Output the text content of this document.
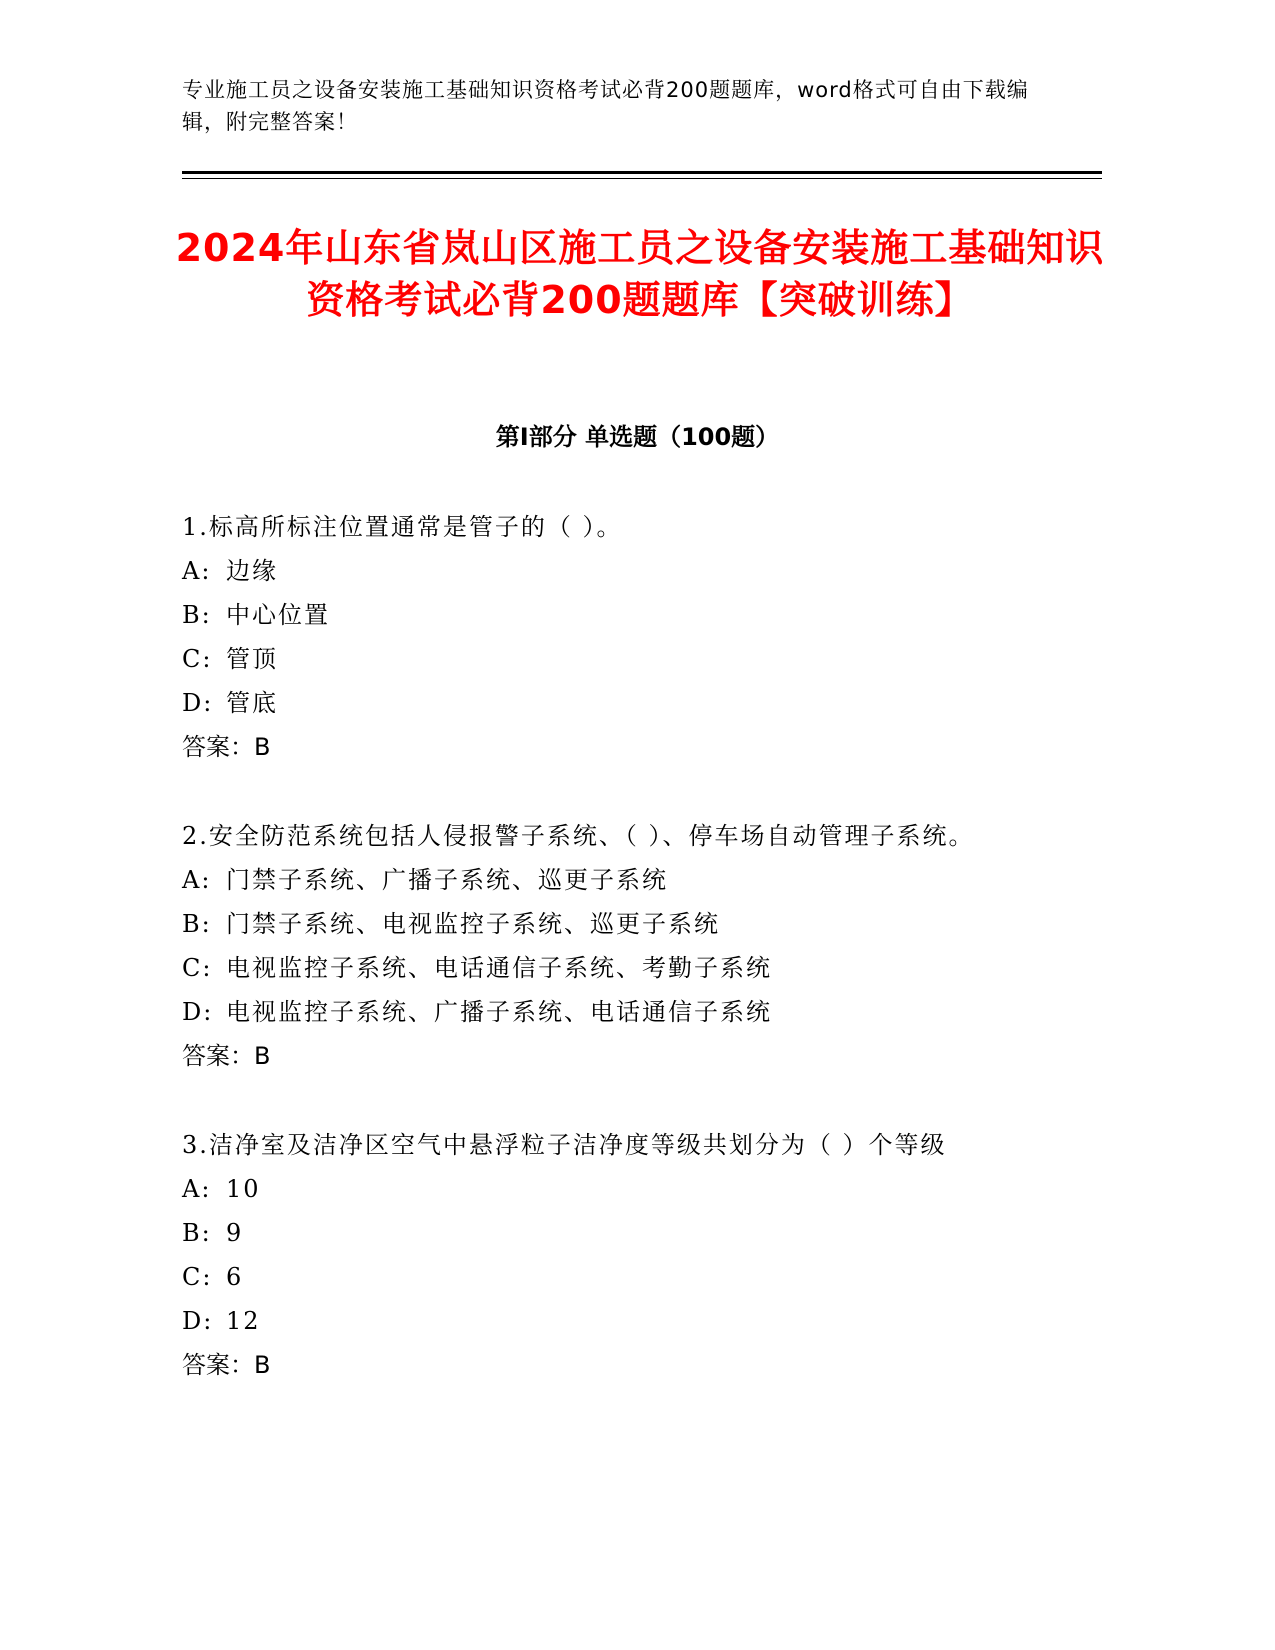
专业施工员之设备安装施工基础知识资格考试必背200题题库，word格式可自由下载编辑，附完整答案！
2024年山东省岚山区施工员之设备安装施工基础知识资格考试必背200题题库【突破训练】
第Ⅰ部分 单选题（100题）
1.标高所标注位置通常是管子的（ ）。
A: 边缘
B: 中心位置
C: 管顶
D: 管底
答案：B
2.安全防范系统包括人侵报警子系统、（ ）、停车场自动管理子系统。
A: 门禁子系统、广播子系统、巡更子系统
B: 门禁子系统、电视监控子系统、巡更子系统
C: 电视监控子系统、电话通信子系统、考勤子系统
D: 电视监控子系统、广播子系统、电话通信子系统
答案：B
3.洁净室及洁净区空气中悬浮粒子洁净度等级共划分为（ ）个等级
A: 10
B: 9
C: 6
D: 12
答案：B
